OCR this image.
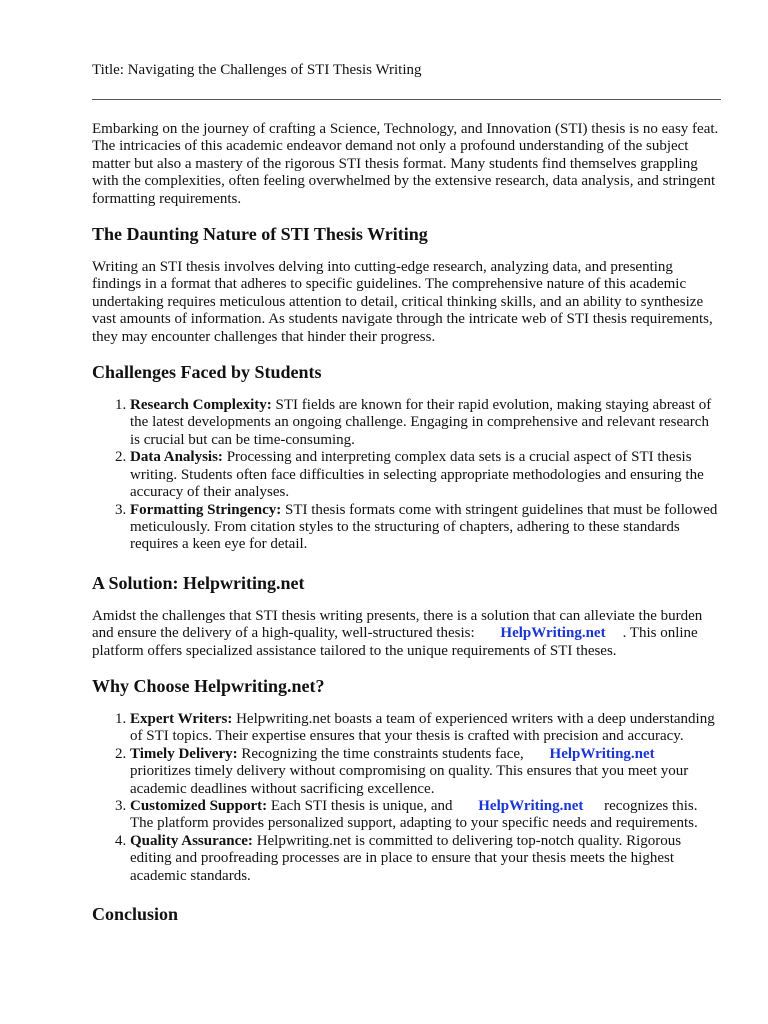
Title: Navigating the Challenges of STI Thesis Writing

Embarking on the journey of crafting a Science, Technology, and Innovation (STI) thesis is no easy feat. The intricacies of this academic endeavor demand not only a profound understanding of the subject matter but also a mastery of the rigorous STI thesis format. Many students find themselves grappling with the complexities, often feeling overwhelmed by the extensive research, data analysis, and stringent formatting requirements.

The Daunting Nature of STI Thesis Writing

Writing an STI thesis involves delving into cutting-edge research, analyzing data, and presenting findings in a format that adheres to specific guidelines. The comprehensive nature of this academic undertaking requires meticulous attention to detail, critical thinking skills, and an ability to synthesize vast amounts of information. As students navigate through the intricate web of STI thesis requirements, they may encounter challenges that hinder their progress.

Challenges Faced by Students
1. Research Complexity: STI fields are known for their rapid evolution, making staying abreast of the latest developments an ongoing challenge. Engaging in comprehensive and relevant research is crucial but can be time-consuming.
2. Data Analysis: Processing and interpreting complex data sets is a crucial aspect of STI thesis writing. Students often face difficulties in selecting appropriate methodologies and ensuring the accuracy of their analyses.
3. Formatting Stringency: STI thesis formats come with stringent guidelines that must be followed meticulously. From citation styles to the structuring of chapters, adhering to these standards requires a keen eye for detail.
A Solution: Helpwriting.net

Amidst the challenges that STI thesis writing presents, there is a solution that can alleviate the burden and ensure the delivery of a high-quality, well-structured thesis: HelpWriting.net . This online platform offers specialized assistance tailored to the unique requirements of STI theses.

Why Choose Helpwriting.net?
1. Expert Writers: Helpwriting.net boasts a team of experienced writers with a deep understanding of STI topics. Their expertise ensures that your thesis is crafted with precision and accuracy.
2. Timely Delivery: Recognizing the time constraints students face, HelpWriting.net prioritizes timely delivery without compromising on quality. This ensures that you meet your academic deadlines without sacrificing excellence.
3. Customized Support: Each STI thesis is unique, and HelpWriting.net recognizes this. The platform provides personalized support, adapting to your specific needs and requirements.
4. Quality Assurance: Helpwriting.net is committed to delivering top-notch quality. Rigorous editing and proofreading processes are in place to ensure that your thesis meets the highest academic standards.
Conclusion
